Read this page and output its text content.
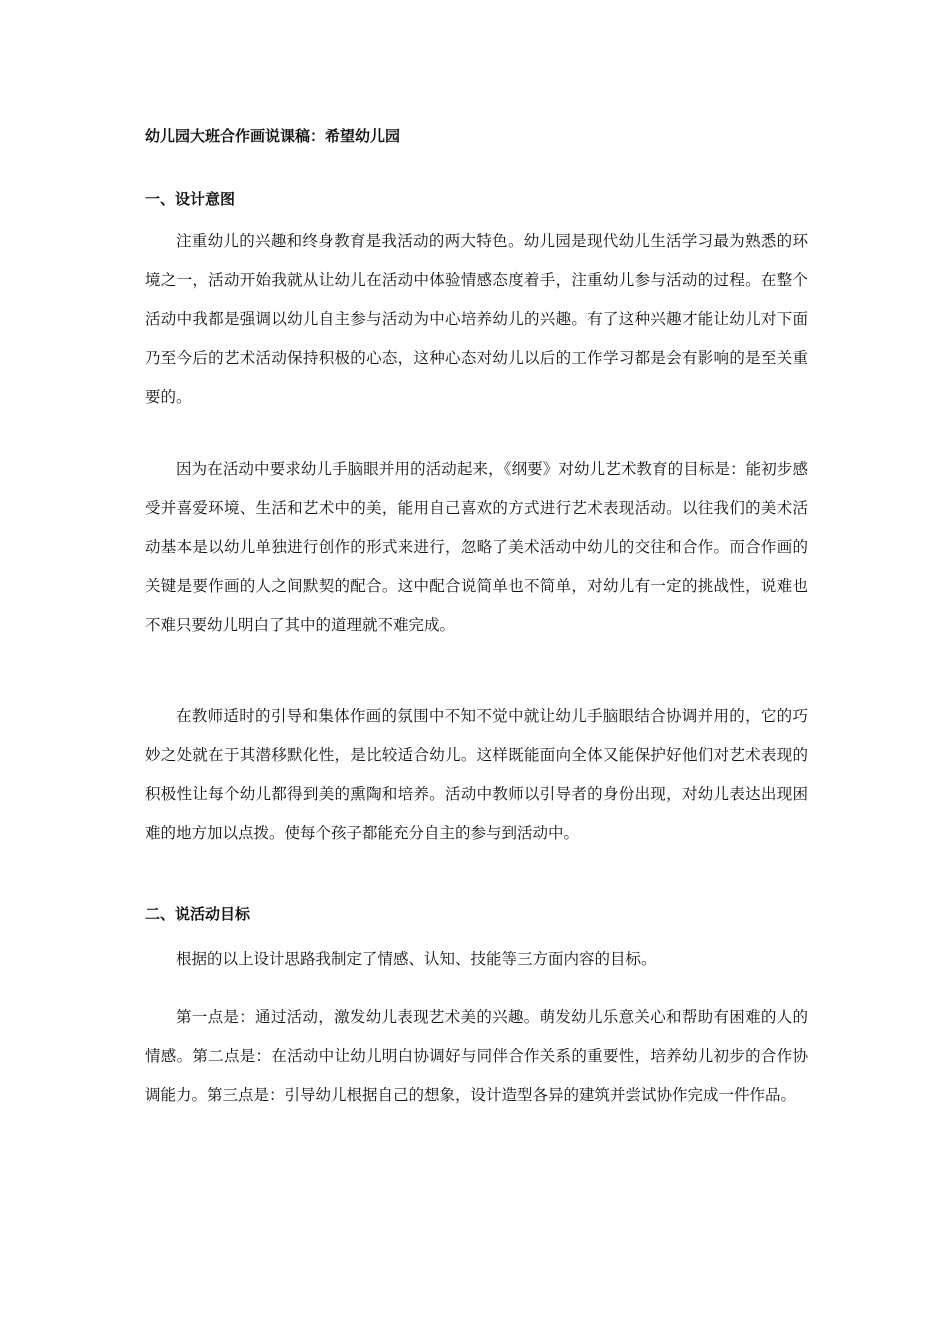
幼儿园大班合作画说课稿：希望幼儿园
一、设计意图

注重幼儿的兴趣和终身教育是我活动的两大特色。幼儿园是现代幼儿生活学习最为熟悉的环境之一，活动开始我就从让幼儿在活动中体验情感态度着手，注重幼儿参与活动的过程。在整个活动中我都是强调以幼儿自主参与活动为中心培养幼儿的兴趣。有了这种兴趣才能让幼儿对下面乃至今后的艺术活动保持积极的心态，这种心态对幼儿以后的工作学习都是会有影响的是至关重要的。

因为在活动中要求幼儿手脑眼并用的活动起来，《纲要》对幼儿艺术教育的目标是：能初步感受并喜爱环境、生活和艺术中的美，能用自己喜欢的方式进行艺术表现活动。以往我们的美术活动基本是以幼儿单独进行创作的形式来进行，忽略了美术活动中幼儿的交往和合作。而合作画的关键是要作画的人之间默契的配合。这中配合说简单也不简单，对幼儿有一定的挑战性，说难也不难只要幼儿明白了其中的道理就不难完成。

在教师适时的引导和集体作画的氛围中不知不觉中就让幼儿手脑眼结合协调并用的，它的巧妙之处就在于其潜移默化性，是比较适合幼儿。这样既能面向全体又能保护好他们对艺术表现的积极性让每个幼儿都得到美的熏陶和培养。活动中教师以引导者的身份出现，对幼儿表达出现困难的地方加以点拨。使每个孩子都能充分自主的参与到活动中。

二、说活动目标

根据的以上设计思路我制定了情感、认知、技能等三方面内容的目标。

第一点是：通过活动，激发幼儿表现艺术美的兴趣。萌发幼儿乐意关心和帮助有困难的人的情感。第二点是：在活动中让幼儿明白协调好与同伴合作关系的重要性，培养幼儿初步的合作协调能力。第三点是：引导幼儿根据自己的想象，设计造型各异的建筑并尝试协作完成一件作品。
